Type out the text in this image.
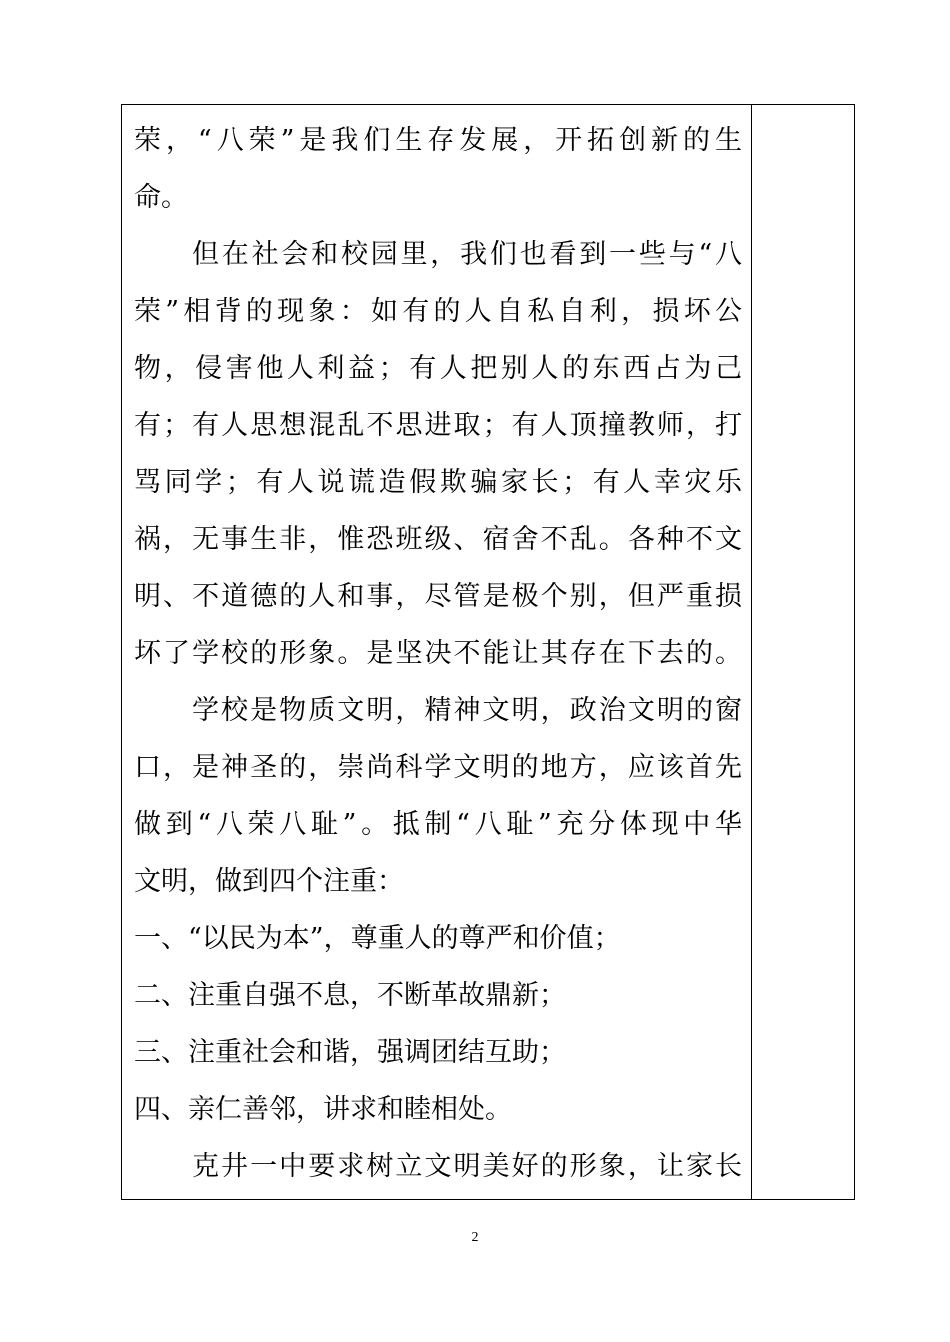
荣，“八荣”是我们生存发展，开拓创新的生
命。
但在社会和校园里，我们也看到一些与“八
荣”相背的现象：如有的人自私自利，损坏公
物，侵害他人利益；有人把别人的东西占为己
有；有人思想混乱不思进取；有人顶撞教师，打
骂同学；有人说谎造假欺骗家长；有人幸灾乐
祸，无事生非，惟恐班级、宿舍不乱。各种不文
明、不道德的人和事，尽管是极个别，但严重损
坏了学校的形象。是坚决不能让其存在下去的。
学校是物质文明，精神文明，政治文明的窗
口，是神圣的，崇尚科学文明的地方，应该首先
做到“八荣八耻”。抵制“八耻”充分体现中华
文明，做到四个注重：
一、“以民为本”，尊重人的尊严和价值；
二、注重自强不息，不断革故鼎新；
三、注重社会和谐，强调团结互助；
四、亲仁善邻，讲求和睦相处。
克井一中要求树立文明美好的形象，让家长
2
